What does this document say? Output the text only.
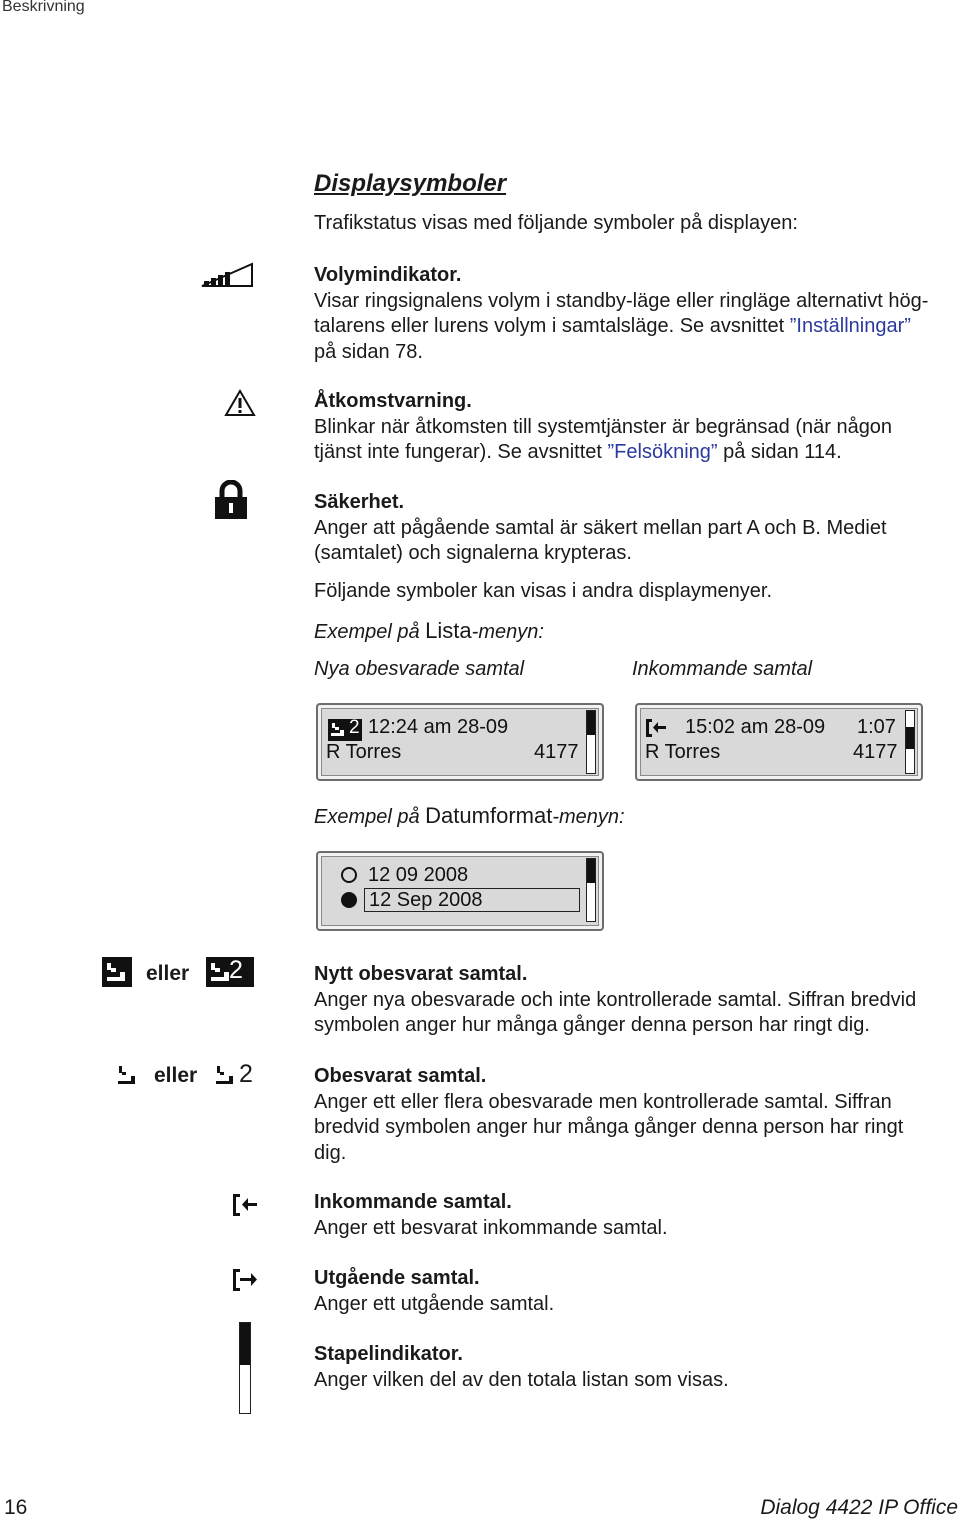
Beskrivning
Displaysymboler
Trafikstatus visas med följande symboler på displayen:
Volymindikator.
Visar ringsignalens volym i standby-läge eller ringläge alternativt hög-
talarens eller lurens volym i samtalsläge. Se avsnittet ”Inställningar”
på sidan 78.
Åtkomstvarning.
Blinkar när åtkomsten till systemtjänster är begränsad (när någon
tjänst inte fungerar). Se avsnittet ”Felsökning” på sidan 114.
Säkerhet.
Anger att pågående samtal är säkert mellan part A och B. Mediet
(samtalet) och signalerna krypteras.
Följande symboler kan visas i andra displaymenyer.
Exempel på Lista-menyn:
Nya obesvarade samtal	Inkommande samtal
2 12:24 am 28-09
R Torres	4177
15:02 am 28-09 1:07
R Torres	4177
Exempel på Datumformat-menyn:
12 09 2008
12 Sep 2008
eller 2	Nytt obesvarat samtal.
Anger nya obesvarade och inte kontrollerade samtal. Siffran bredvid
symbolen anger hur många gånger denna person har ringt dig.
eller 2	Obesvarat samtal.
Anger ett eller flera obesvarade men kontrollerade samtal. Siffran
bredvid symbolen anger hur många gånger denna person har ringt
dig.
Inkommande samtal.
Anger ett besvarat inkommande samtal.
Utgående samtal.
Anger ett utgående samtal.
Stapelindikator.
Anger vilken del av den totala listan som visas.
16	Dialog 4422 IP Office
